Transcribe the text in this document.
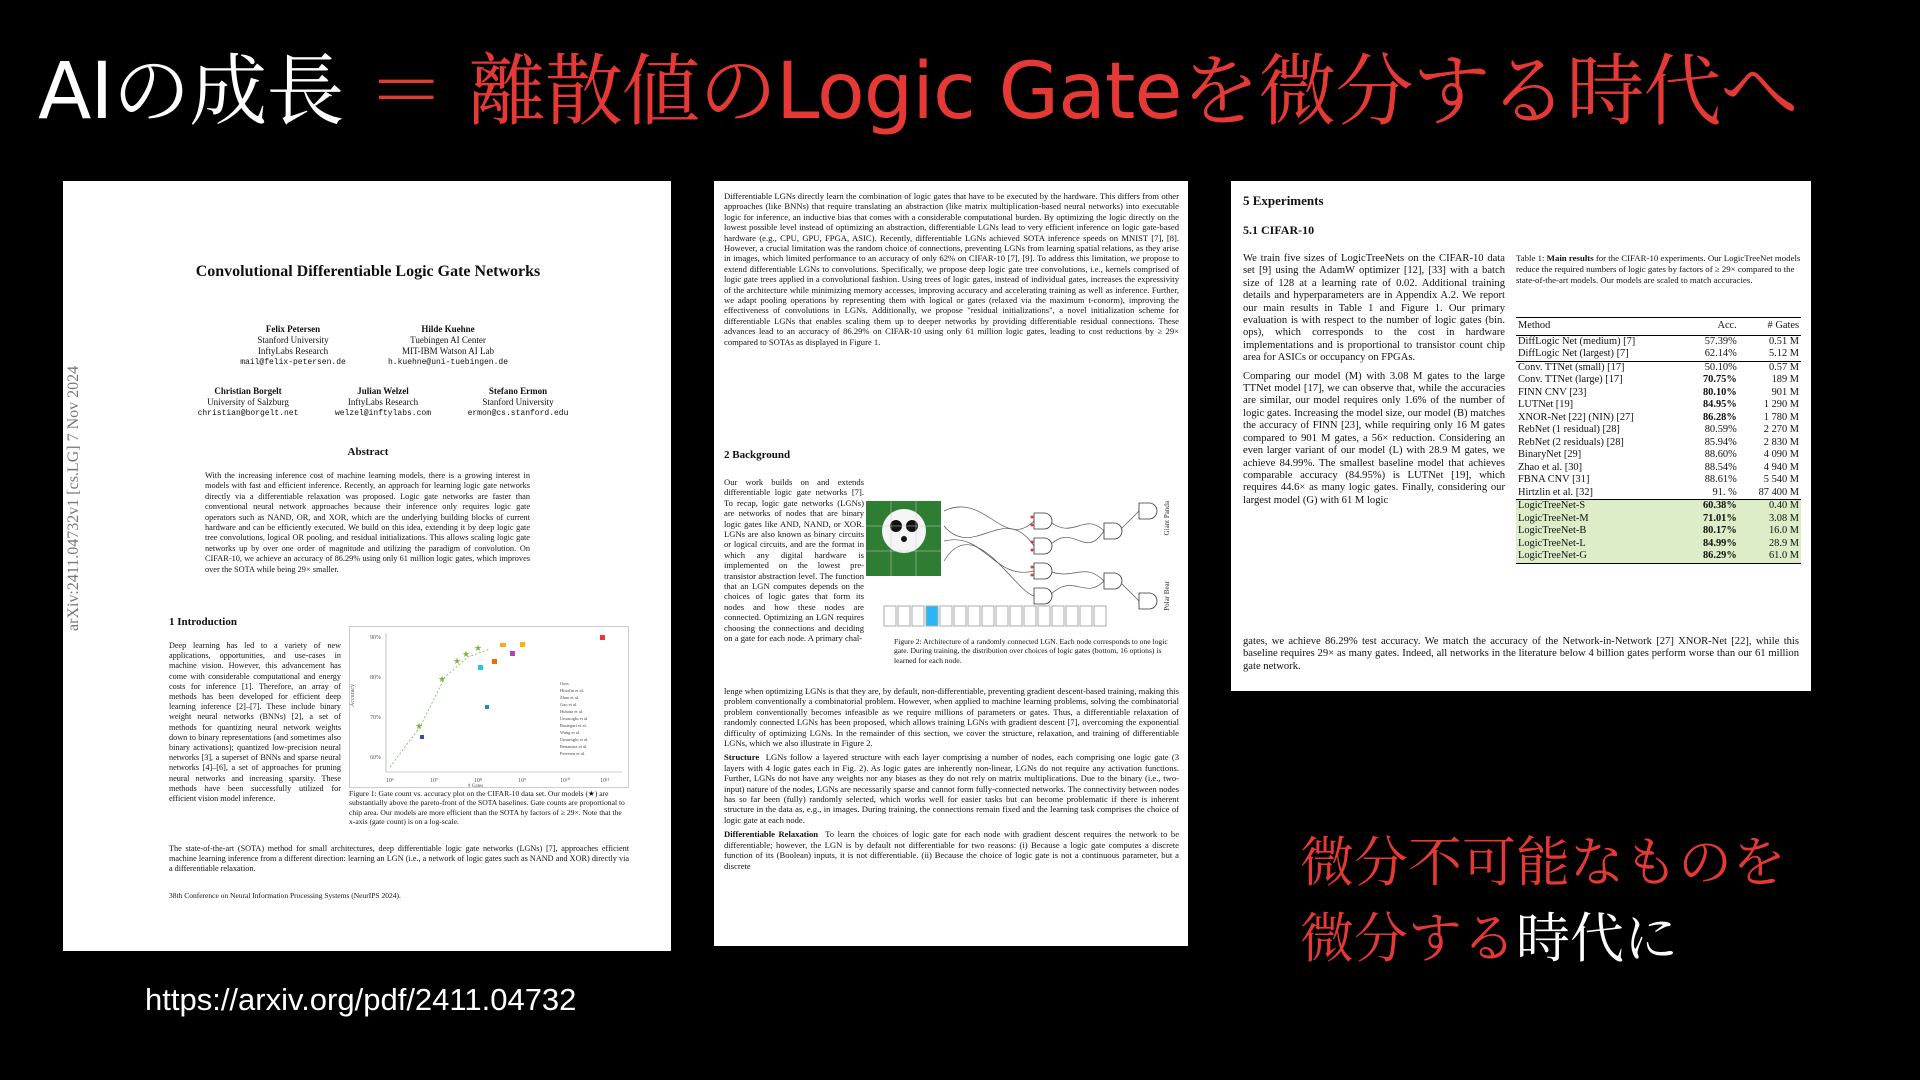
AIの成長 ＝ 離散値のLogic Gateを微分する時代へ
arXiv:2411.04732v1 [cs.LG] 7 Nov 2024
Convolutional Differentiable Logic Gate Networks
Felix Petersen
Stanford University
InftyLabs Research
mail@felix-petersen.de
Hilde Kuehne
Tuebingen AI Center
MIT-IBM Watson AI Lab
h.kuehne@uni-tuebingen.de
Christian Borgelt
University of Salzburg
christian@borgelt.net
Julian Welzel
InftyLabs Research
welzel@inftylabs.com
Stefano Ermon
Stanford University
ermon@cs.stanford.edu
Abstract
With the increasing inference cost of machine learning models, there is a growing interest in models with fast and efficient inference. Recently, an approach for learning logic gate networks directly via a differentiable relaxation was proposed. Logic gate networks are faster than conventional neural network approaches because their inference only requires logic gate operators such as NAND, OR, and XOR, which are the underlying building blocks of current hardware and can be efficiently executed. We build on this idea, extending it by deep logic gate tree convolutions, logical OR pooling, and residual initializations. This allows scaling logic gate networks up by over one order of magnitude and utilizing the paradigm of convolution. On CIFAR-10, we achieve an accuracy of 86.29% using only 61 million logic gates, which improves over the SOTA while being 29× smaller.
1 Introduction
Deep learning has led to a variety of new applications, opportunities, and use-cases in machine vision. However, this advancement has come with considerable computational and energy costs for inference [1]. Therefore, an array of methods has been developed for efficient deep learning inference [2]–[7]. These include binary weight neural networks (BNNs) [2], a set of methods for quantizing neural network weights down to binary representations (and sometimes also binary activations); quantized low-precision neural networks [3], a superset of BNNs and sparse neural networks [4]–[6], a set of approaches for pruning neural networks and increasing sparsity. These methods have been successfully utilized for efficient vision model inference.
The state-of-the-art (SOTA) method for small architectures, deep differentiable logic gate networks (LGNs) [7], approaches efficient machine learning inference from a different direction: learning an LGN (i.e., a network of logic gates such as NAND and XOR) directly via a differentiable relaxation.
Accuracy
90%
80%
70%
60%
10⁶	10⁷	10⁸	10⁹	10¹⁰	10¹¹
# Gates
★
★
★
★
★
Ours
Hirtzlin et al.
Zhao et al.
Gao et al.
Hubara et al.
Umuroglu et al.
Rastegari et al.
Wang et al.
Umuroglu et al.
Benamira et al.
Petersen et al.
Figure 1: Gate count vs. accuracy plot on the CIFAR-10 data set. Our models (★) are substantially above the pareto-front of the SOTA baselines. Gate counts are proportional to chip area. Our models are more efficient than the SOTA by factors of ≥ 29×. Note that the x-axis (gate count) is on a log-scale.
38th Conference on Neural Information Processing Systems (NeurIPS 2024).
Differentiable LGNs directly learn the combination of logic gates that have to be executed by the hardware. This differs from other approaches (like BNNs) that require translating an abstraction (like matrix multiplication-based neural networks) into executable logic for inference, an inductive bias that comes with a considerable computational burden. By optimizing the logic directly on the lowest possible level instead of optimizing an abstraction, differentiable LGNs lead to very efficient inference on logic gate-based hardware (e.g., CPU, GPU, FPGA, ASIC). Recently, differentiable LGNs achieved SOTA inference speeds on MNIST [7], [8]. However, a crucial limitation was the random choice of connections, preventing LGNs from learning spatial relations, as they arise in images, which limited performance to an accuracy of only 62% on CIFAR-10 [7], [9]. To address this limitation, we propose to extend differentiable LGNs to convolutions. Specifically, we propose deep logic gate tree convolutions, i.e., kernels comprised of logic gate trees applied in a convolutional fashion. Using trees of logic gates, instead of individual gates, increases the expressivity of the architecture while minimizing memory accesses, improving accuracy and accelerating training as well as inference. Further, we adapt pooling operations by representing them with logical or gates (relaxed via the maximum t-conorm), improving the effectiveness of convolutions in LGNs. Additionally, we propose "residual initializations", a novel initialization scheme for differentiable LGNs that enables scaling them up to deeper networks by providing differentiable residual connections. These advances lead to an accuracy of 86.29% on CIFAR-10 using only 61 million logic gates, leading to cost reductions by ≥ 29× compared to SOTAs as displayed in Figure 1.
2 Background
Our work builds on and extends differentiable logic gate networks [7]. To recap, logic gate networks (LGNs) are networks of nodes that are binary logic gates like AND, NAND, or XOR. LGNs are also known as binary circuits or logical circuits, and are the format in which any digital hardware is implemented on the lowest pre-transistor abstraction level. The function that an LGN computes depends on the choices of logic gates that form its nodes and how these nodes are connected. Optimizing an LGN requires choosing the connections and deciding on a gate for each node. A primary chal-
Giant Panda
Polar Bear
Figure 2: Architecture of a randomly connected LGN. Each node corresponds to one logic gate. During training, the distribution over choices of logic gates (bottom, 16 options) is learned for each node.

lenge when optimizing LGNs is that they are, by default, non-differentiable, preventing gradient descent-based training, making this problem conventionally a combinatorial problem. However, when applied to machine learning problems, solving the combinatorial problem conventionally becomes infeasible as we require millions of parameters or gates. Thus, a differentiable relaxation of randomly connected LGNs has been proposed, which allows training LGNs with gradient descent [7], overcoming the exponential difficulty of optimizing LGNs. In the remainder of this section, we cover the structure, relaxation, and training of differentiable LGNs, which we also illustrate in Figure 2.

Structure LGNs follow a layered structure with each layer comprising a number of nodes, each comprising one logic gate (3 layers with 4 logic gates each in Fig. 2). As logic gates are inherently non-linear, LGNs do not require any activation functions. Further, LGNs do not have any weights nor any biases as they do not rely on matrix multiplications. Due to the binary (i.e., two-input) nature of the nodes, LGNs are necessarily sparse and cannot form fully-connected networks. The connectivity between nodes has so far been (fully) randomly selected, which works well for easier tasks but can become problematic if there is inherent structure in the data as, e.g., in images. During training, the connections remain fixed and the learning task comprises the choice of logic gate at each node.

Differentiable Relaxation To learn the choices of logic gate for each node with gradient descent requires the network to be differentiable; however, the LGN is by default not differentiable for two reasons: (i) Because a logic gate computes a discrete function of its (Boolean) inputs, it is not differentiable. (ii) Because the choice of logic gate is not a continuous parameter, but a discrete

5 Experiments
5.1 CIFAR-10

We train five sizes of LogicTreeNets on the CIFAR-10 data set [9] using the AdamW optimizer [12], [33] with a batch size of 128 at a learning rate of 0.02. Additional training details and hyperparameters are in Appendix A.2. We report our main results in Table 1 and Figure 1. Our primary evaluation is with respect to the number of logic gates (bin. ops), which corresponds to the cost in hardware implementations and is proportional to transistor count chip area for ASICs or occupancy on FPGAs.

Comparing our model (M) with 3.08 M gates to the large TTNet model [17], we can observe that, while the accuracies are similar, our model requires only 1.6% of the number of logic gates. Increasing the model size, our model (B) matches the accuracy of FINN [23], while requiring only 16 M gates compared to 901 M gates, a 56× reduction. Considering an even larger variant of our model (L) with 28.9 M gates, we achieve 84.99%. The smallest baseline model that achieves comparable accuracy (84.95%) is LUTNet [19], which requires 44.6× as many logic gates. Finally, considering our largest model (G) with 61 M logic

Table 1: Main results for the CIFAR-10 experiments. Our LogicTreeNet models reduce the required numbers of logic gates by factors of ≥ 29× compared to the state-of-the-art models. Our models are scaled to match accuracies.
Method	Acc.	# Gates
DiffLogic Net (medium) [7]	57.39%	0.51 M
DiffLogic Net (largest) [7]	62.14%	5.12 M
Conv. TTNet (small) [17]	50.10%	0.57 M
Conv. TTNet (large) [17]	70.75%	189 M
FINN CNV [23]	80.10%	901 M
LUTNet [19]	84.95%	1 290 M
XNOR-Net [22] (NIN) [27]	86.28%	1 780 M
RebNet (1 residual) [28]	80.59%	2 270 M
RebNet (2 residuals) [28]	85.94%	2 830 M
BinaryNet [29]	88.60%	4 090 M
Zhao et al. [30]	88.54%	4 940 M
FBNA CNV [31]	88.61%	5 540 M
Hirtzlin et al. [32]	91. %	87 400 M
LogicTreeNet-S	60.38%	0.40 M
LogicTreeNet-M	71.01%	3.08 M
LogicTreeNet-B	80.17%	16.0 M
LogicTreeNet-L	84.99%	28.9 M
LogicTreeNet-G	86.29%	61.0 M
gates, we achieve 86.29% test accuracy. We match the accuracy of the Network-in-Network [27] XNOR-Net [22], while this baseline requires 29× as many gates. Indeed, all networks in the literature below 4 billion gates perform worse than our 61 million gate network.
https://arxiv.org/pdf/2411.04732
微分不可能なものを
微分する時代に
